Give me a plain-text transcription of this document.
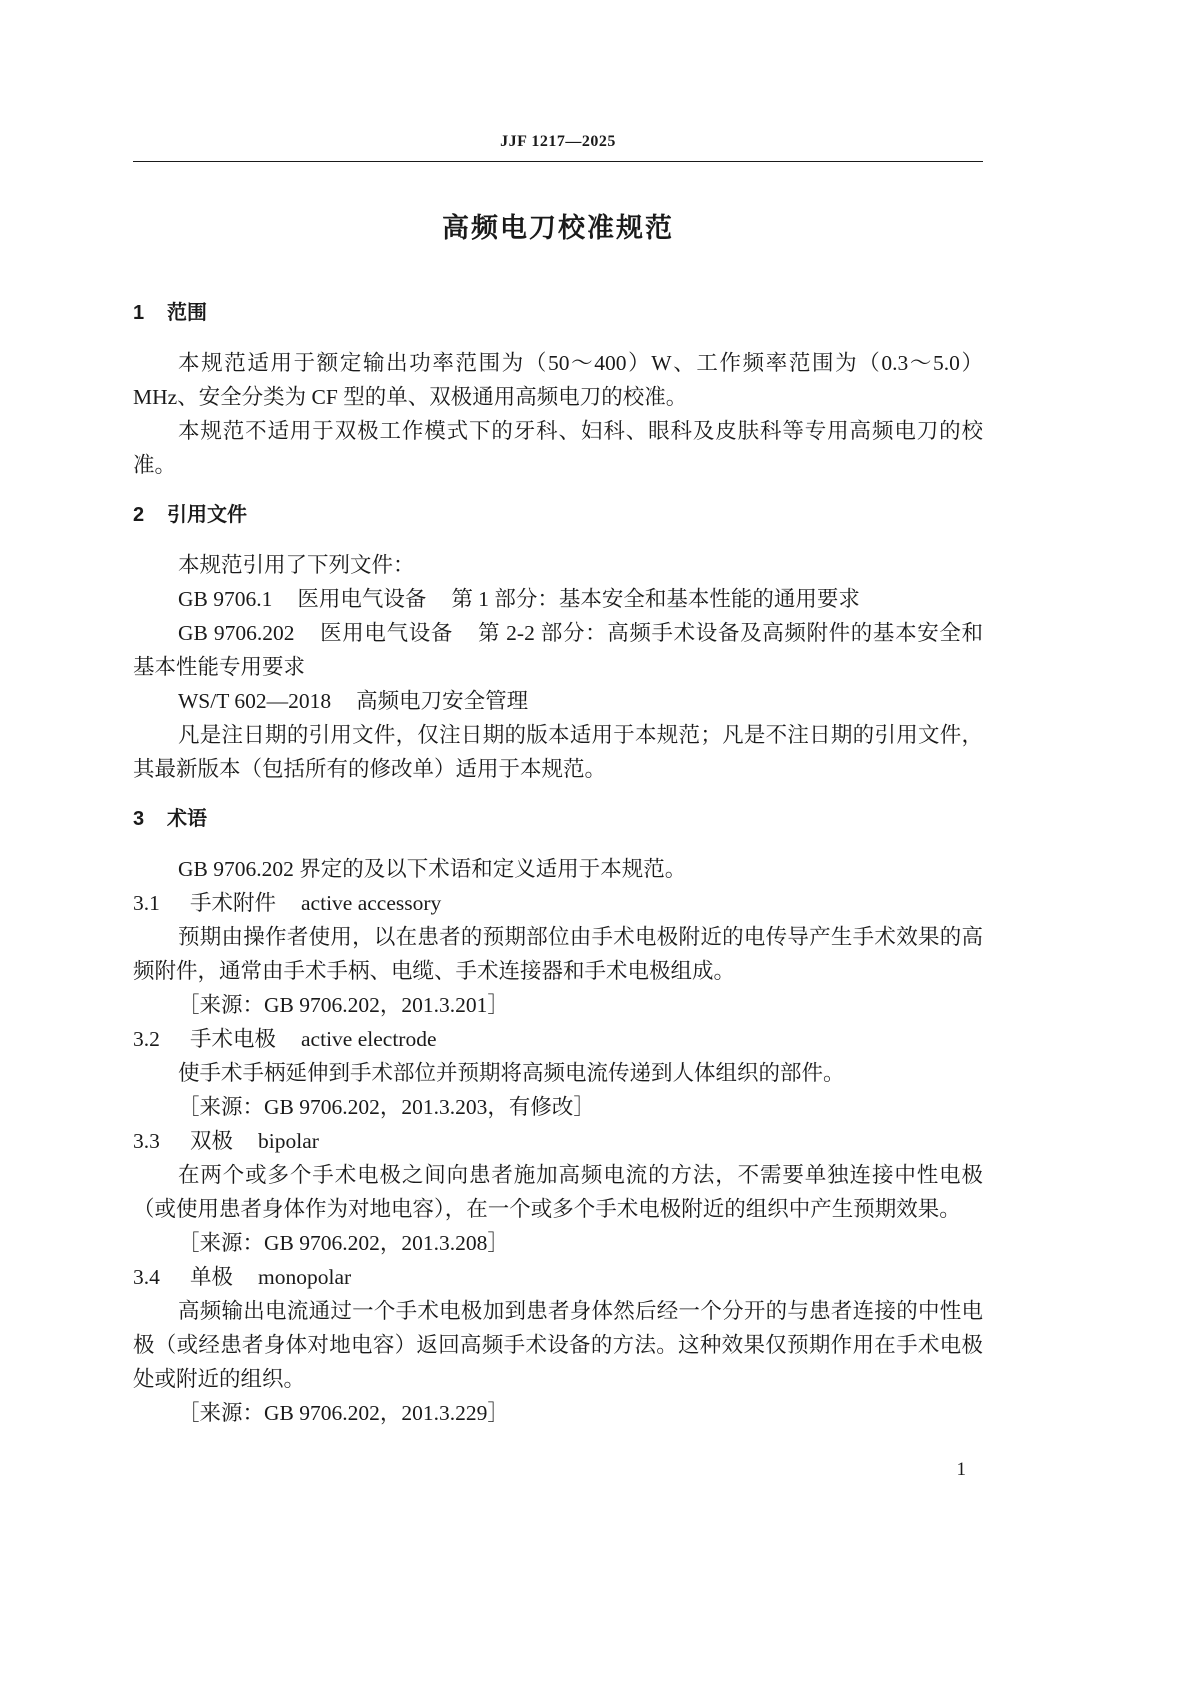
JJF 1217—2025
高频电刀校准规范
1 范围

本规范适用于额定输出功率范围为（50～400）W、工作频率范围为（0.3～5.0）MHz、安全分类为 CF 型的单、双极通用高频电刀的校准。

本规范不适用于双极工作模式下的牙科、妇科、眼科及皮肤科等专用高频电刀的校准。

2 引用文件

本规范引用了下列文件：

GB 9706.1 医用电气设备 第 1 部分：基本安全和基本性能的通用要求

GB 9706.202 医用电气设备 第 2-2 部分：高频手术设备及高频附件的基本安全和基本性能专用要求

WS/T 602—2018 高频电刀安全管理

凡是注日期的引用文件，仅注日期的版本适用于本规范；凡是不注日期的引用文件，其最新版本（包括所有的修改单）适用于本规范。

3 术语

GB 9706.202 界定的及以下术语和定义适用于本规范。

3.1 手术附件 active accessory

预期由操作者使用，以在患者的预期部位由手术电极附近的电传导产生手术效果的高频附件，通常由手术手柄、电缆、手术连接器和手术电极组成。

［来源：GB 9706.202，201.3.201］

3.2 手术电极 active electrode

使手术手柄延伸到手术部位并预期将高频电流传递到人体组织的部件。

［来源：GB 9706.202，201.3.203，有修改］

3.3 双极 bipolar

在两个或多个手术电极之间向患者施加高频电流的方法，不需要单独连接中性电极（或使用患者身体作为对地电容），在一个或多个手术电极附近的组织中产生预期效果。

［来源：GB 9706.202，201.3.208］

3.4 单极 monopolar

高频输出电流通过一个手术电极加到患者身体然后经一个分开的与患者连接的中性电极（或经患者身体对地电容）返回高频手术设备的方法。这种效果仅预期作用在手术电极处或附近的组织。

［来源：GB 9706.202，201.3.229］

1
